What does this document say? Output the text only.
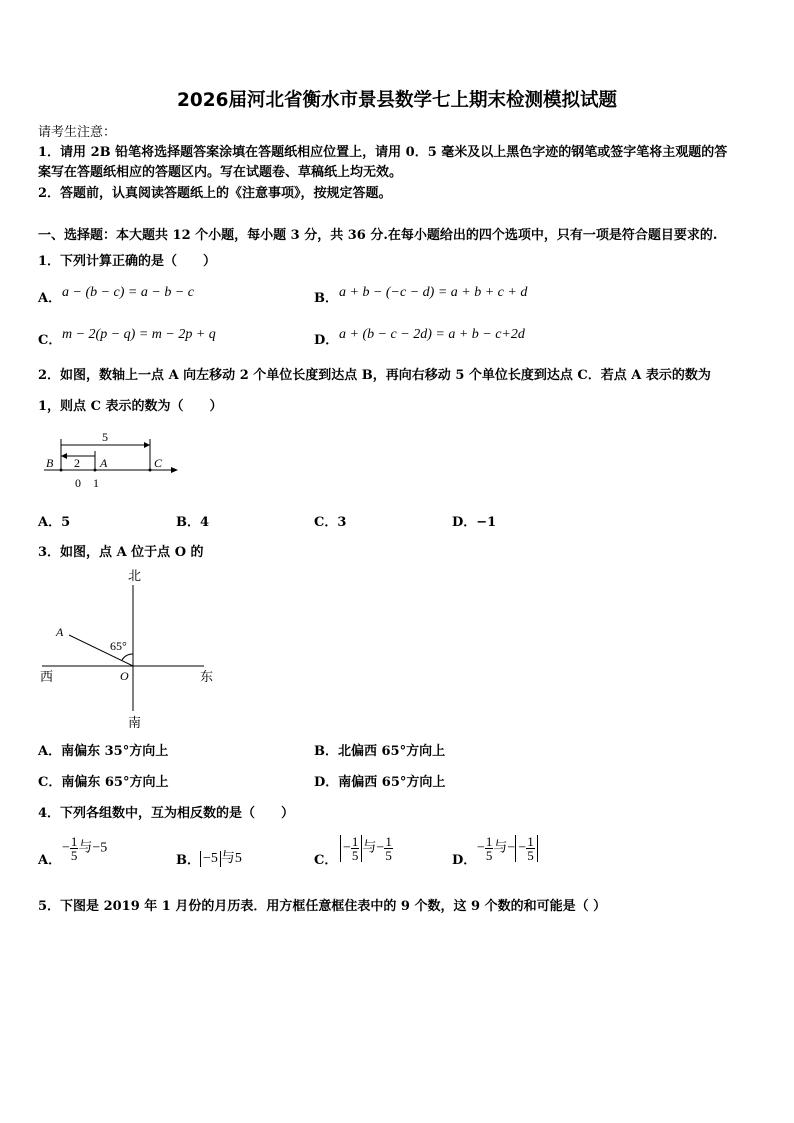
2026届河北省衡水市景县数学七上期末检测模拟试题
请考生注意：
1．请用 2B 铅笔将选择题答案涂填在答题纸相应位置上，请用 0．5 毫米及以上黑色字迹的钢笔或签字笔将主观题的答
案写在答题纸相应的答题区内。写在试题卷、草稿纸上均无效。
2．答题前，认真阅读答题纸上的《注意事项》，按规定答题。
一、选择题：本大题共 12 个小题，每小题 3 分，共 36 分.在每小题给出的四个选项中，只有一项是符合题目要求的.
1．下列计算正确的是（　　）
A． a − (b − c) = a − b − c	B． a + b − (−c − d) = a + b + c + d
C． m − 2(p − q) = m − 2p + q	D． a + (b − c − 2d) = a + b − c+2d
2．如图，数轴上一点 A 向左移动 2 个单位长度到达点 B，再向右移动 5 个单位长度到达点 C．若点 A 表示的数为
1，则点 C 表示的数为（　　）
5
2
B	A	C
0 1
A．5	B．4	C．3	D．−1
3．如图，点 A 位于点 O 的
北
南
西	东
A
O
65°
A．南偏东 35°方向上	B．北偏西 65°方向上
C．南偏东 65°方向上	D．南偏西 65°方向上
4．下列各组数中，互为相反数的是（　　）
A．
− $\frac{1}{5}$ 与−5
B． −5 与5	C．
− $\frac{1}{5}$ 与− $\frac{1}{5}$	D．
− $\frac{1}{5}$ 与− − $\frac{1}{5}$
5．下图是 2019 年 1 月份的月历表．用方框任意框住表中的 9 个数，这 9 个数的和可能是（ ）
